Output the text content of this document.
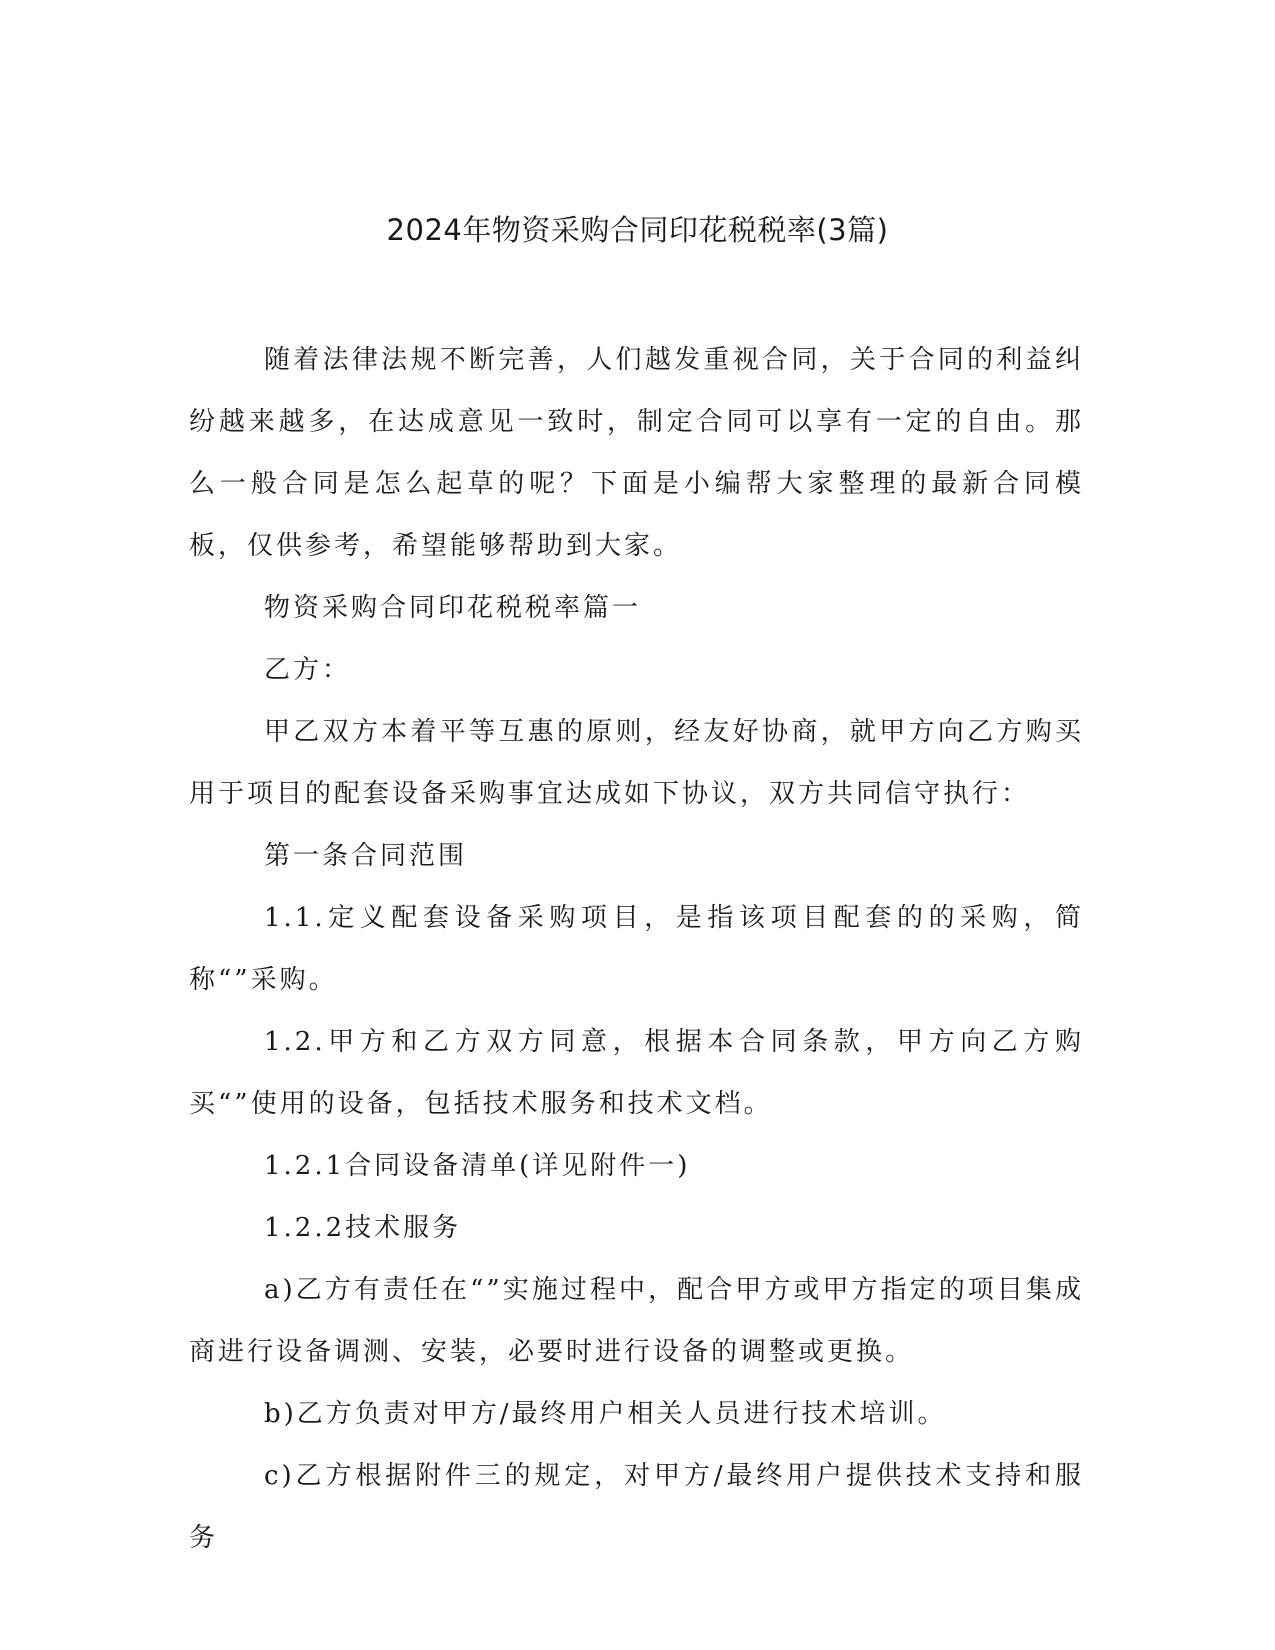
2024年物资采购合同印花税税率(3篇)

随着法律法规不断完善，人们越发重视合同，关于合同的利益纠纷越来越多，在达成意见一致时，制定合同可以享有一定的自由。那么一般合同是怎么起草的呢？下面是小编帮大家整理的最新合同模板，仅供参考，希望能够帮助到大家。

物资采购合同印花税税率篇一

乙方：

甲乙双方本着平等互惠的原则，经友好协商，就甲方向乙方购买用于项目的配套设备采购事宜达成如下协议，双方共同信守执行：

第一条合同范围

1.1.定义配套设备采购项目，是指该项目配套的的采购，简称“”采购。

1.2.甲方和乙方双方同意，根据本合同条款，甲方向乙方购买“”使用的设备，包括技术服务和技术文档。

1.2.1合同设备清单(详见附件一)

1.2.2技术服务

a)乙方有责任在“”实施过程中，配合甲方或甲方指定的项目集成商进行设备调测、安装，必要时进行设备的调整或更换。

b)乙方负责对甲方/最终用户相关人员进行技术培训。

c)乙方根据附件三的规定，对甲方/最终用户提供技术支持和服务
